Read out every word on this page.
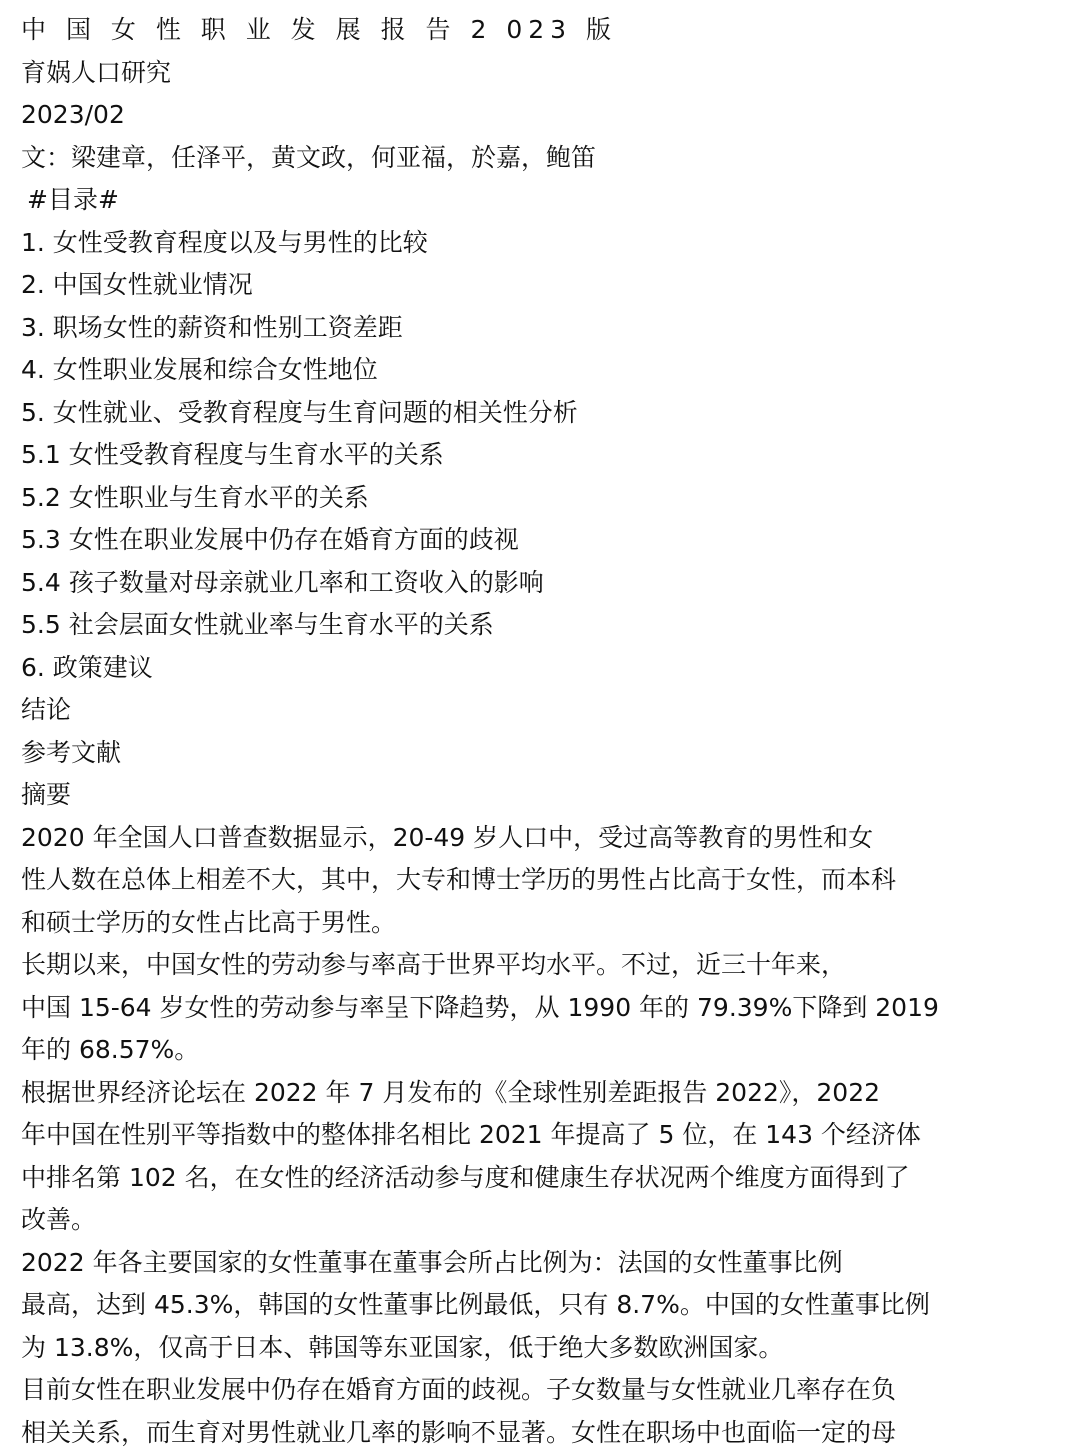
中 国 女 性 职 业 发 展 报 告 2 023 版
育娲人口研究
2023/02
文：梁建章，任泽平，黄文政，何亚福，於嘉，鲍笛
#目录#
1. 女性受教育程度以及与男性的比较
2. 中国女性就业情况
3. 职场女性的薪资和性别工资差距
4. 女性职业发展和综合女性地位
5. 女性就业、受教育程度与生育问题的相关性分析
5.1 女性受教育程度与生育水平的关系
5.2 女性职业与生育水平的关系
5.3 女性在职业发展中仍存在婚育方面的歧视
5.4 孩子数量对母亲就业几率和工资收入的影响
5.5 社会层面女性就业率与生育水平的关系
6. 政策建议
结论
参考文献
摘要
2020 年全国人口普查数据显示，20-49 岁人口中，受过高等教育的男性和女
性人数在总体上相差不大，其中，大专和博士学历的男性占比高于女性，而本科
和硕士学历的女性占比高于男性。
长期以来，中国女性的劳动参与率高于世界平均水平。不过，近三十年来，
中国 15-64 岁女性的劳动参与率呈下降趋势，从 1990 年的 79.39%下降到 2019
年的 68.57%。
根据世界经济论坛在 2022 年 7 月发布的《全球性别差距报告 2022》，2022
年中国在性别平等指数中的整体排名相比 2021 年提高了 5 位，在 143 个经济体
中排名第 102 名，在女性的经济活动参与度和健康生存状况两个维度方面得到了
改善。
2022 年各主要国家的女性董事在董事会所占比例为：法国的女性董事比例
最高，达到 45.3%，韩国的女性董事比例最低，只有 8.7%。中国的女性董事比例
为 13.8%，仅高于日本、韩国等东亚国家，低于绝大多数欧洲国家。
目前女性在职业发展中仍存在婚育方面的歧视。子女数量与女性就业几率存在负
相关关系，而生育对男性就业几率的影响不显著。女性在职场中也面临一定的母
